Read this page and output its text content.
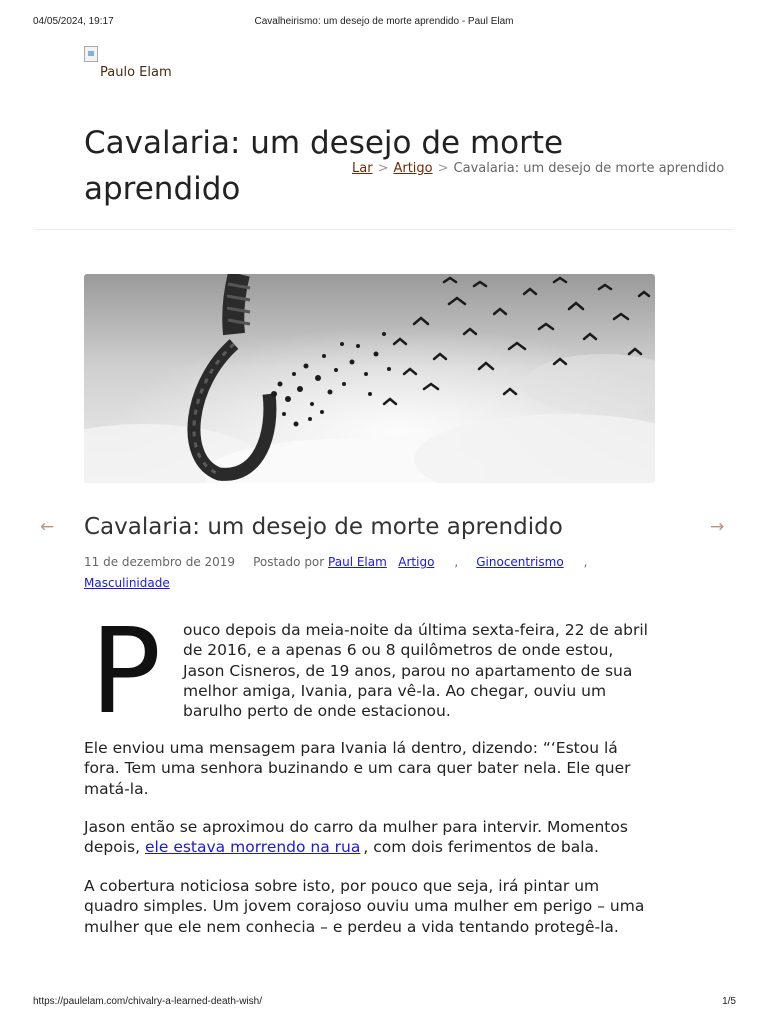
04/05/2024, 19:17	Cavalheirismo: um desejo de morte aprendido - Paul Elam
Paulo Elam
Cavalaria: um desejo de morte aprendido
Lar > Artigo > Cavalaria: um desejo de morte aprendido
←	→
Cavalaria: um desejo de morte aprendido
11 de dezembro de 2019 Postado por Paul Elam Artigo , Ginocentrismo ,
Masculinidade
P ouco depois da meia-noite da última sexta-feira, 22 de abril de 2016, e a apenas 6 ou 8 quilômetros de onde estou, Jason Cisneros, de 19 anos, parou no apartamento de sua melhor amiga, Ivania, para vê-la. Ao chegar, ouviu um barulho perto de onde estacionou.

Ele enviou uma mensagem para Ivania lá dentro, dizendo: “‘Estou lá fora. Tem uma senhora buzinando e um cara quer bater nela. Ele quer matá-la.

Jason então se aproximou do carro da mulher para intervir. Momentos depois, ele estava morrendo na rua , com dois ferimentos de bala.

A cobertura noticiosa sobre isto, por pouco que seja, irá pintar um quadro simples. Um jovem corajoso ouviu uma mulher em perigo – uma mulher que ele nem conhecia – e perdeu a vida tentando protegê-la.

https://paulelam.com/chivalry-a-learned-death-wish/	1/5
